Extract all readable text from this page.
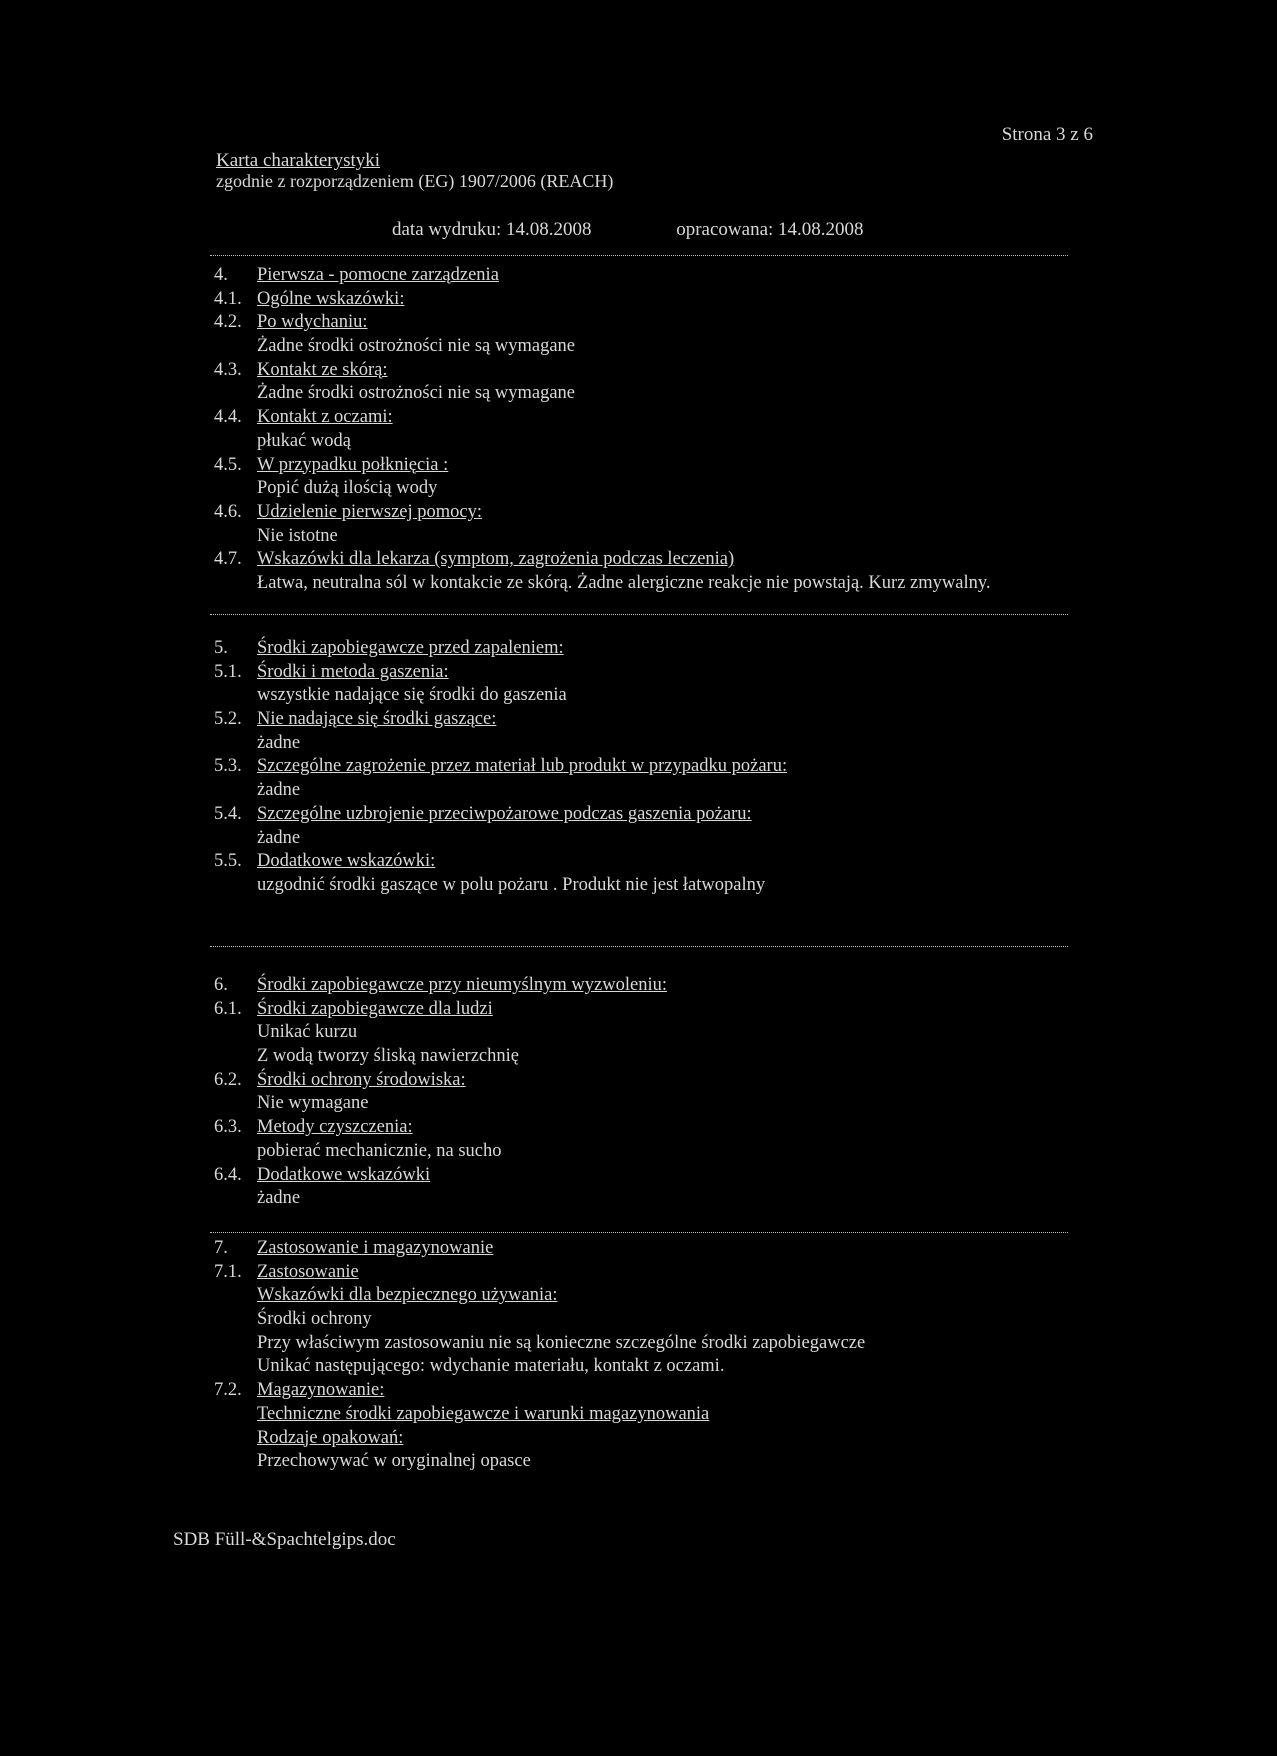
Strona 3 z 6
Karta charakterystyki
zgodnie z rozporządzeniem (EG) 1907/2006 (REACH)
data wydruku: 14.08.2008	opracowana: 14.08.2008
4. Pierwsza - pomocne zarządzenia
4.1. Ogólne wskazówki:
4.2. Po wdychaniu:
Żadne środki ostrożności nie są wymagane
4.3. Kontakt ze skórą:
Żadne środki ostrożności nie są wymagane
4.4. Kontakt z oczami:
płukać wodą
4.5. W przypadku połknięcia :
Popić dużą ilością wody
4.6. Udzielenie pierwszej pomocy:
Nie istotne
4.7. Wskazówki dla lekarza (symptom, zagrożenia podczas leczenia)
Łatwa, neutralna sól w kontakcie ze skórą. Żadne alergiczne reakcje nie powstają. Kurz zmywalny.
5. Środki zapobiegawcze przed zapaleniem:
5.1. Środki i metoda gaszenia:
wszystkie nadające się środki do gaszenia
5.2. Nie nadające się środki gaszące:
żadne
5.3. Szczególne zagrożenie przez materiał lub produkt w przypadku pożaru:
żadne
5.4. Szczególne uzbrojenie przeciwpożarowe podczas gaszenia pożaru:
żadne
5.5. Dodatkowe wskazówki:
uzgodnić środki gaszące w polu pożaru . Produkt nie jest łatwopalny
6. Środki zapobiegawcze przy nieumyślnym wyzwoleniu:
6.1. Środki zapobiegawcze dla ludzi
Unikać kurzu
Z wodą tworzy śliską nawierzchnię
6.2. Środki ochrony środowiska:
Nie wymagane
6.3. Metody czyszczenia:
pobierać mechanicznie, na sucho
6.4. Dodatkowe wskazówki
żadne
7. Zastosowanie i magazynowanie
7.1. Zastosowanie
Wskazówki dla bezpiecznego używania:
Środki ochrony
Przy właściwym zastosowaniu nie są konieczne szczególne środki zapobiegawcze
Unikać następującego: wdychanie materiału, kontakt z oczami.
7.2. Magazynowanie:
Techniczne środki zapobiegawcze i warunki magazynowania
Rodzaje opakowań:
Przechowywać w oryginalnej opasce
SDB Füll-&Spachtelgips.doc
